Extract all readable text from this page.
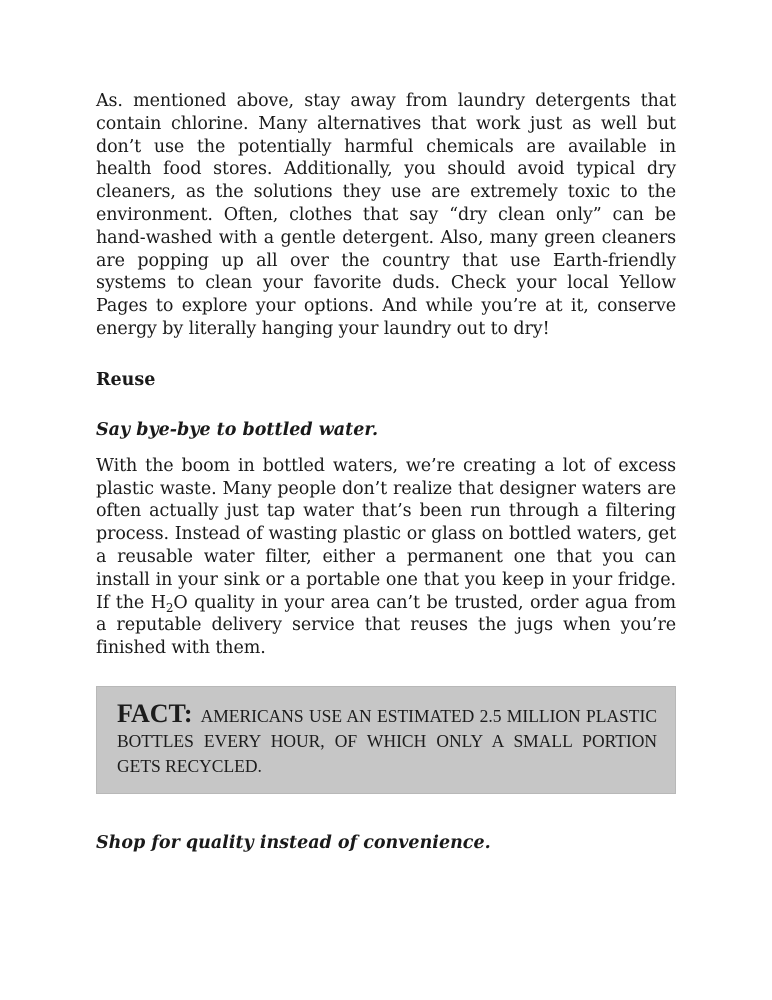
As. mentioned above, stay away from laundry detergents that contain chlorine. Many alternatives that work just as well but don’t use the potentially harmful chemicals are available in health food stores. Additionally, you should avoid typical dry cleaners, as the solutions they use are extremely toxic to the environment. Often, clothes that say “dry clean only” can be hand-washed with a gentle detergent. Also, many green cleaners are popping up all over the country that use Earth-friendly systems to clean your favorite duds. Check your local Yellow Pages to explore your options. And while you’re at it, conserve energy by literally hanging your laundry out to dry!

Reuse
Say bye-bye to bottled water.

With the boom in bottled waters, we’re creating a lot of excess plastic waste. Many people don’t realize that designer waters are often actually just tap water that’s been run through a filtering process. Instead of wasting plastic or glass on bottled waters, get a reusable water filter, either a permanent one that you can install in your sink or a portable one that you keep in your fridge. If the $H_2O$ quality in your area can’t be trusted, order agua from a reputable delivery service that reuses the jugs when you’re finished with them.

FACT: AMERICANS USE AN ESTIMATED 2.5 MILLION PLASTIC BOTTLES EVERY HOUR, OF WHICH ONLY A SMALL PORTION GETS RECYCLED.
Shop for quality instead of convenience.
